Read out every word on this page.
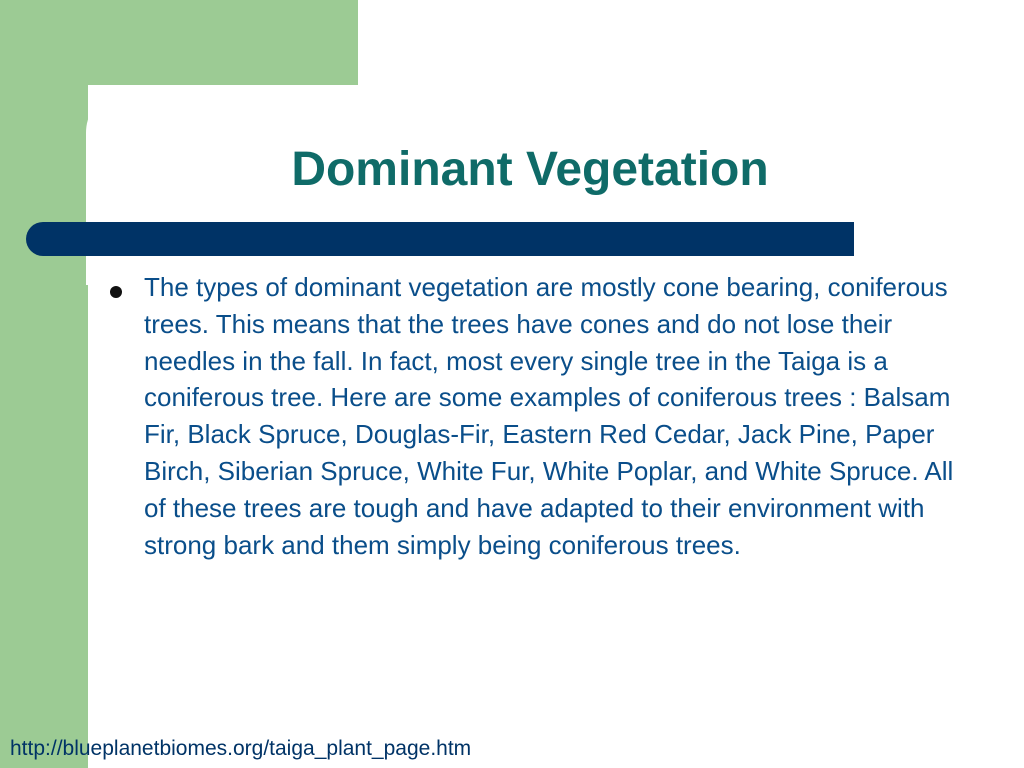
Dominant Vegetation

The types of dominant vegetation are mostly cone bearing, coniferous trees. This means that the trees have cones and do not lose their needles in the fall. In fact, most every single tree in the Taiga is a coniferous tree. Here are some examples of coniferous trees : Balsam Fir, Black Spruce, Douglas-Fir, Eastern Red Cedar, Jack Pine, Paper Birch, Siberian Spruce, White Fur, White Poplar, and White Spruce. All of these trees are tough and have adapted to their environment with strong bark and them simply being coniferous trees.

http://blueplanetbiomes.org/taiga_plant_page.htm
